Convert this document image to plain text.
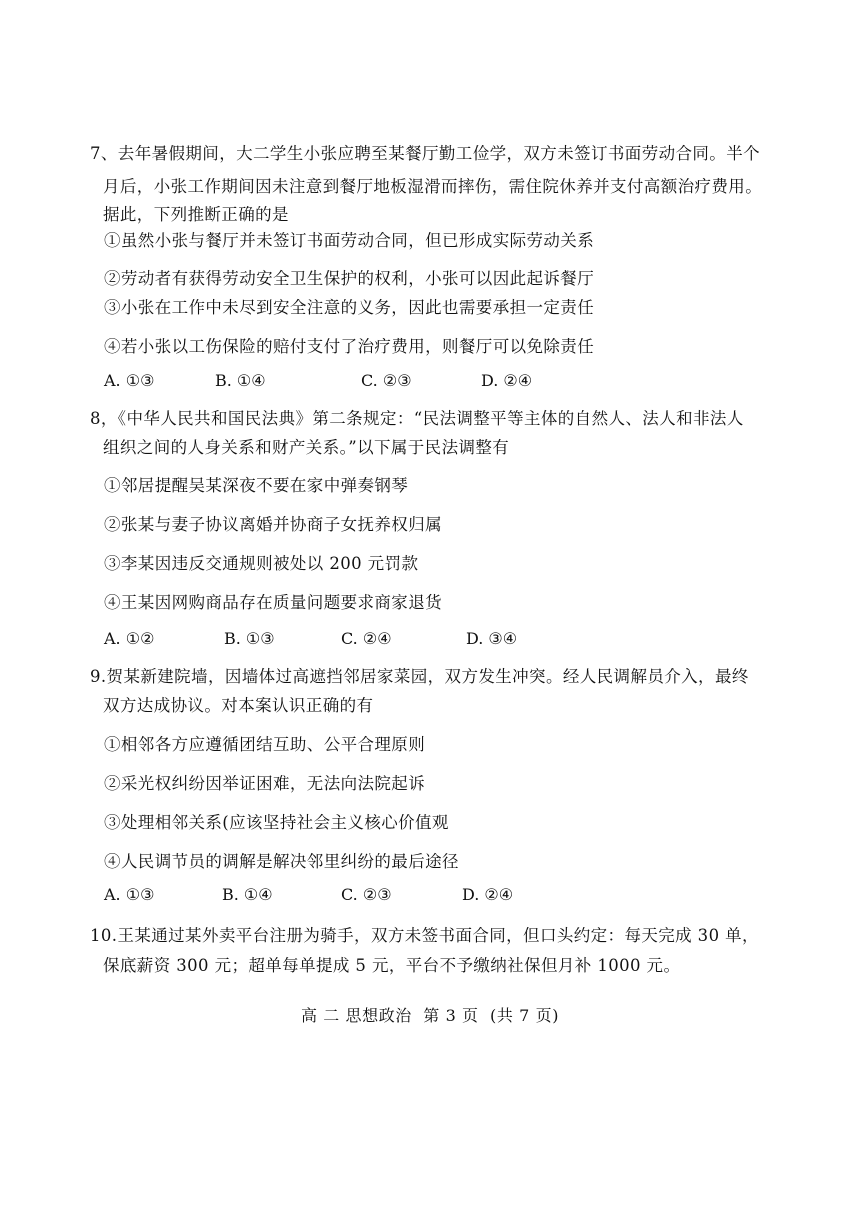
7、去年暑假期间，大二学生小张应聘至某餐厅勤工俭学，双方未签订书面劳动合同。半个
月后，小张工作期间因未注意到餐厅地板湿滑而摔伤，需住院休养并支付高额治疗费用。
据此，下列推断正确的是
①虽然小张与餐厅并未签订书面劳动合同，但已形成实际劳动关系
②劳动者有获得劳动安全卫生保护的权利，小张可以因此起诉餐厅
③小张在工作中未尽到安全注意的义务，因此也需要承担一定责任
④若小张以工伤保险的赔付支付了治疗费用，则餐厅可以免除责任
A. ①③	B. ①④	C. ②③	D. ②④
8，《中华人民共和国民法典》第二条规定：“民法调整平等主体的自然人、法人和非法人
组织之间的人身关系和财产关系。”以下属于民法调整有
①邻居提醒吴某深夜不要在家中弹奏钢琴
②张某与妻子协议离婚并协商子女抚养权归属
③李某因违反交通规则被处以 200 元罚款
④王某因网购商品存在质量问题要求商家退货
A. ①②	B. ①③	C. ②④	D. ③④
9.贺某新建院墙，因墙体过高遮挡邻居家菜园，双方发生冲突。经人民调解员介入，最终
双方达成协议。对本案认识正确的有
①相邻各方应遵循团结互助、公平合理原则
②采光权纠纷因举证困难，无法向法院起诉
③处理相邻关系(应该坚持社会主义核心价值观
④人民调节员的调解是解决邻里纠纷的最后途径
A. ①③	B. ①④	C. ②③	D. ②④
10.王某通过某外卖平台注册为骑手，双方未签书面合同，但口头约定：每天完成 30 单，
保底薪资 300 元；超单每单提成 5 元，平台不予缴纳社保但月补 1000 元。
高 二 思想政治  第 3 页  (共 7 页)
